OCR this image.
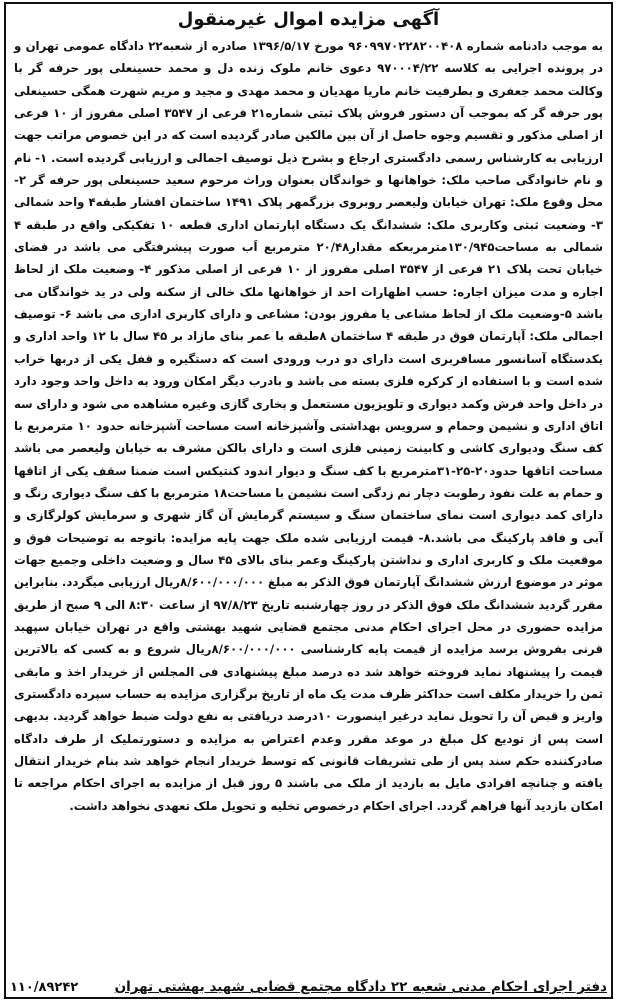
آگهی مزایده اموال غیرمنقول

به موجب دادنامه شماره ۹۶۰۹۹۷۰۲۲۸۲۰۰۴۰۸ مورخ ۱۳۹۶/۵/۱۷ صادره از شعبه۲۲ دادگاه عمومی تهران و در پرونده اجرایی به کلاسه ۹۷۰۰۰۴/۲۲ دعوی خانم ملوک زنده دل و محمد حسینعلی پور حرفه گر با وکالت محمد جعفری و بطرفیت خانم ماریا مهدیان و محمد مهدی و مجید و مریم شهرت همگی حسینعلی پور حرفه گر که بموجب آن دستور فروش پلاک ثبتی شماره۲۱ فرعی از ۳۵۴۷ اصلی مفروز از ۱۰ فرعی از اصلی مذکور و تقسیم وجوه حاصل از آن بین مالکین صادر گردیده است که در این خصوص مراتب جهت ارزیابی به کارشناس رسمی دادگستری ارجاع و بشرح ذیل توصیف اجمالی و ارزیابی گردیده است. ۱- نام و نام خانوادگی صاحب ملک: خواهانها و خواندگان بعنوان وراث مرحوم سعید حسینعلی پور حرفه گر ۲- محل وقوع ملک: تهران خیابان ولیعصر روبروی بزرگمهر پلاک ۱۴۹۱ ساختمان افشار طبقه۴ واحد شمالی ۳- وضعیت ثبتی وکاربری ملک: ششدانگ یک دستگاه اپارتمان اداری قطعه ۱۰ تفکیکی واقع در طبقه ۴ شمالی به مساحت۱۳۰/۹۴۵مترمربعکه مقدار۲۰/۴۸ مترمربع اَب صورت پیشرفتگی می باشد در فضای خیابان تحت پلاک ۲۱ فرعی از ۳۵۴۷ اصلی مفروز از ۱۰ فرعی از اصلی مذکور ۴- وضعیت ملک از لحاظ اجاره و مدت میزان اجاره: حسب اظهارات احد از خواهانها ملک خالی از سکنه ولی در ید خواندگان می باشد ۵-وضعیت ملک از لحاظ مشاعی یا مفروز بودن: مشاعی و دارای کاربری اداری می باشد ۶- توصیف اجمالی ملک: آپارتمان فوق در طبقه ۴ ساختمان ۸طبقه با عمر بنای مازاد بر ۴۵ سال با ۱۲ واحد اداری و یکدستگاه آسانسور مسافربری است دارای دو درب ورودی است که دستگیره و قفل یکی از دربها خراب شده است و با استفاده از کرکره فلزی بسته می باشد و بادرب دیگر امکان ورود به داخل واحد وجود دارد در داخل واحد فرش وکمد دیواری و تلویزیون مستعمل و بخاری گازی وغیره مشاهده می شود و دارای سه اتاق اداری و نشیمن وحمام و سرویس بهداشتی وآشپزخانه است مساحت آشپزخانه حدود ۱۰ مترمربع با کف سنگ ودیواری کاشی و کابینت زمینی فلزی است و دارای بالکن مشرف به خیابان ولیعصر می باشد مساحت اتاقها حدود۲۰-۲۵-۳۱مترمربع با کف سنگ و دیوار اندود کنتیکس است ضمنا سقف یکی از اتاقها و حمام به علت نفوذ رطوبت دچار نم زدگی است نشیمن با مساحت۱۸ مترمربع با کف سنگ دیواری رنگ و دارای کمد دیواری است نمای ساختمان سنگ و سیستم گرمایش آن گاز شهری و سرمایش کولرگازی و آبی و فاقد پارکینگ می باشد.۸- قیمت ارزیابی شده ملک جهت پایه مزایده: باتوجه به توضیحات فوق و موقعیت ملک و کاربری اداری و نداشتن پارکینگ وعمر بنای بالای ۴۵ سال و وضعیت داخلی وجمیع جهات موثر در موضوع ارزش ششدانگ آپارتمان فوق الذکر به مبلغ ۸/۶۰۰/۰۰۰/۰۰۰ریال ارزیابی میگردد. بنابراین مقرر گردید ششدانگ ملک فوق الذکر در روز چهارشنبه تاریخ ۹۷/۸/۲۳ از ساعت ۸:۳۰ الی ۹ صبح از طریق مزایده حضوری در محل اجرای احکام مدنی مجتمع قضایی شهید بهشتی واقع در تهران خیابان سپهبد قرنی بفروش برسد مزایده از قیمت پایه کارشناسی ۸/۶۰۰/۰۰۰/۰۰۰ریال شروع و به کسی که بالاترین قیمت را پیشنهاد نماید فروخته خواهد شد ده درصد مبلغ پیشنهادی فی المجلس از خریدار اخذ و مابقی ثمن را خریدار مکلف است حداکثر ظرف مدت یک ماه از تاریخ برگزاری مزایده به حساب سپرده دادگستری واریز و قبض آن را تحویل نماید درغیر اینصورت ۱۰درصد دریافتی به نفع دولت ضبط خواهد گردید. بدیهی است پس از تودیع کل مبلغ در موعد مقرر وعدم اعتراض به مزایده و دستورتملیک از طرف دادگاه صادرکننده حکم سند پس از طی تشریفات قانونی که توسط خریدار انجام خواهد شد بنام خریدار انتقال یافته و چنانچه افرادی مایل به بازدید از ملک می باشند ۵ روز قبل از مزایده به اجرای احکام مراجعه تا امکان بازدید آنها فراهم گردد. اجرای احکام درخصوص تخلیه و تحویل ملک تعهدی نخواهد داشت.

دفتر اجرای احکام مدنی شعبه ۲۲ دادگاه مجتمع قضایی شهید بهشتی تهران
۱۱۰/۸۹۲۴۲
